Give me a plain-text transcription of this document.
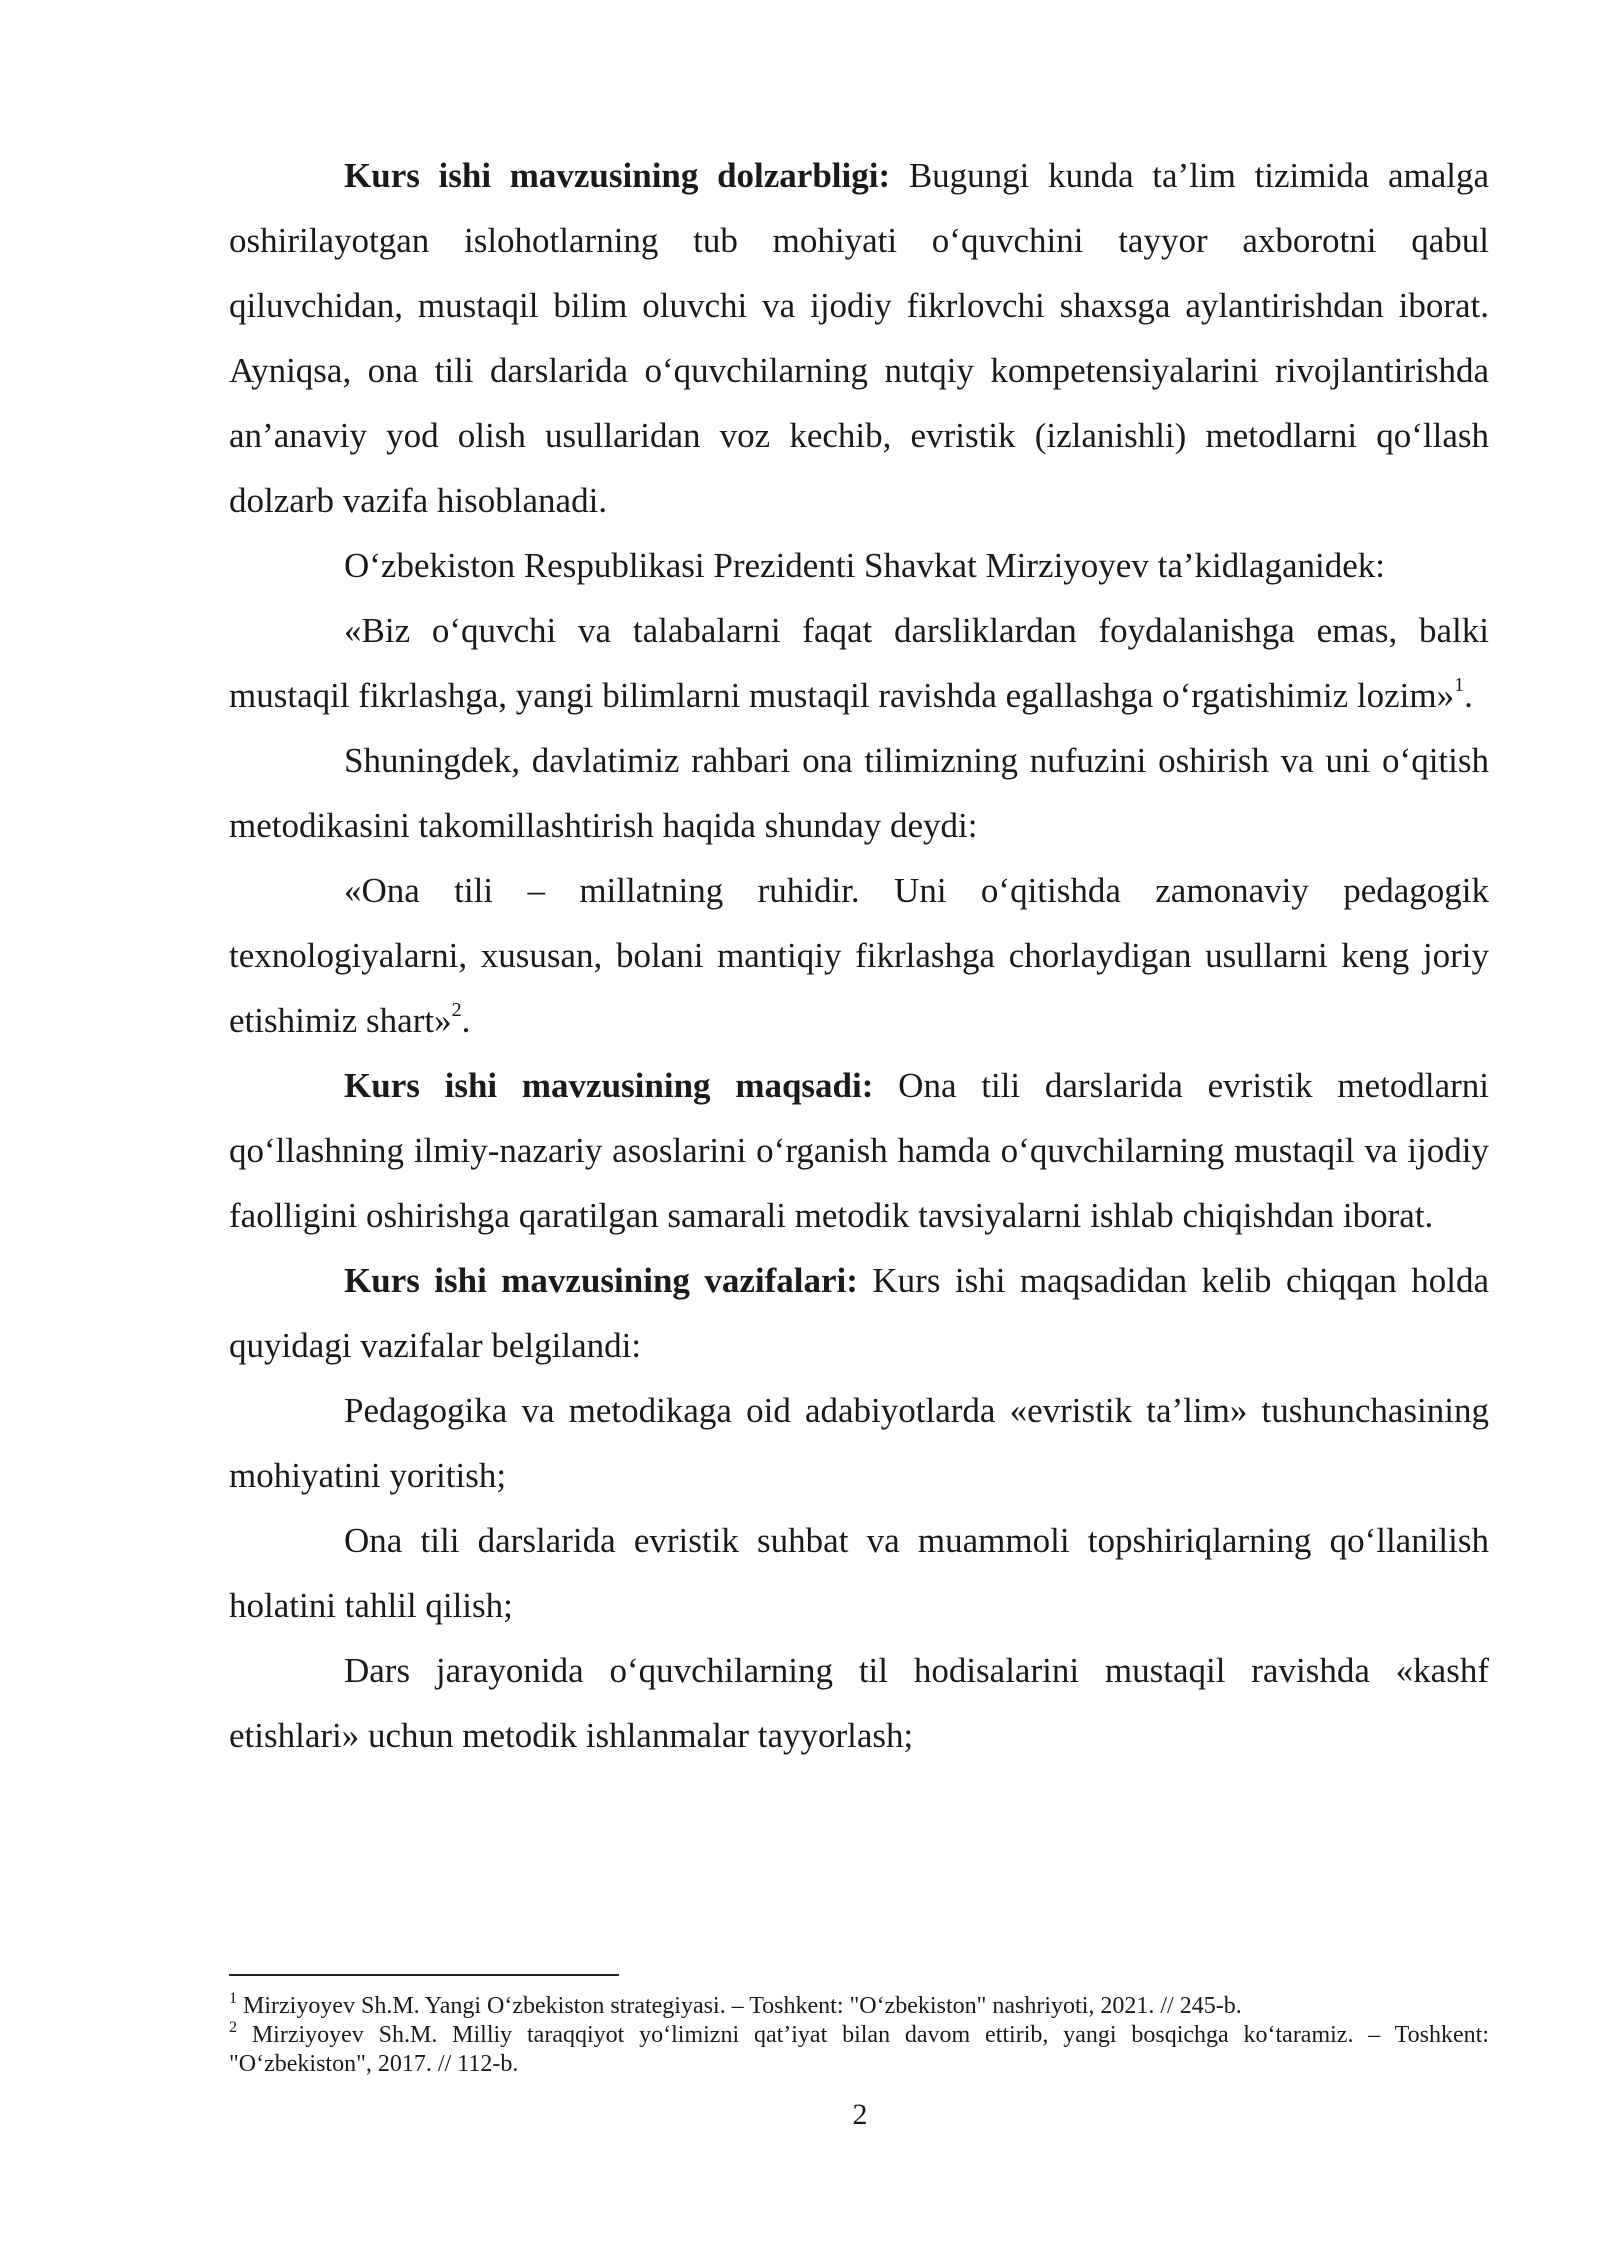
Kurs ishi mavzusining dolzarbligi: Bugungi kunda ta’lim tizimida amalga oshirilayotgan islohotlarning tub mohiyati o‘quvchini tayyor axborotni qabul qiluvchidan, mustaqil bilim oluvchi va ijodiy fikrlovchi shaxsga aylantirishdan iborat. Ayniqsa, ona tili darslarida o‘quvchilarning nutqiy kompetensiyalarini rivojlantirishda an’anaviy yod olish usullaridan voz kechib, evristik (izlanishli) metodlarni qo‘llash dolzarb vazifa hisoblanadi.

O‘zbekiston Respublikasi Prezidenti Shavkat Mirziyoyev ta’kidlaganidek:

«Biz o‘quvchi va talabalarni faqat darsliklardan foydalanishga emas, balki mustaqil fikrlashga, yangi bilimlarni mustaqil ravishda egallashga o‘rgatishimiz lozim»$^1$.

Shuningdek, davlatimiz rahbari ona tilimizning nufuzini oshirish va uni o‘qitish metodikasini takomillashtirish haqida shunday deydi:

«Ona tili – millatning ruhidir. Uni o‘qitishda zamonaviy pedagogik texnologiyalarni, xususan, bolani mantiqiy fikrlashga chorlaydigan usullarni keng joriy etishimiz shart»$^2$.

Kurs ishi mavzusining maqsadi: Ona tili darslarida evristik metodlarni qo‘llashning ilmiy-nazariy asoslarini o‘rganish hamda o‘quvchilarning mustaqil va ijodiy faolligini oshirishga qaratilgan samarali metodik tavsiyalarni ishlab chiqishdan iborat.

Kurs ishi mavzusining vazifalari: Kurs ishi maqsadidan kelib chiqqan holda quyidagi vazifalar belgilandi:

Pedagogika va metodikaga oid adabiyotlarda «evristik ta’lim» tushunchasining mohiyatini yoritish;

Ona tili darslarida evristik suhbat va muammoli topshiriqlarning qo‘llanilish holatini tahlil qilish;

Dars jarayonida o‘quvchilarning til hodisalarini mustaqil ravishda «kashf etishlari» uchun metodik ishlanmalar tayyorlash;

$^1$ Mirziyoyev Sh.M. Yangi O‘zbekiston strategiyasi. – Toshkent: "O‘zbekiston" nashriyoti, 2021. // 245-b.

$^2$ Mirziyoyev Sh.M. Milliy taraqqiyot yo‘limizni qat’iyat bilan davom ettirib, yangi bosqichga ko‘taramiz. – Toshkent: "O‘zbekiston", 2017. // 112-b.

2
